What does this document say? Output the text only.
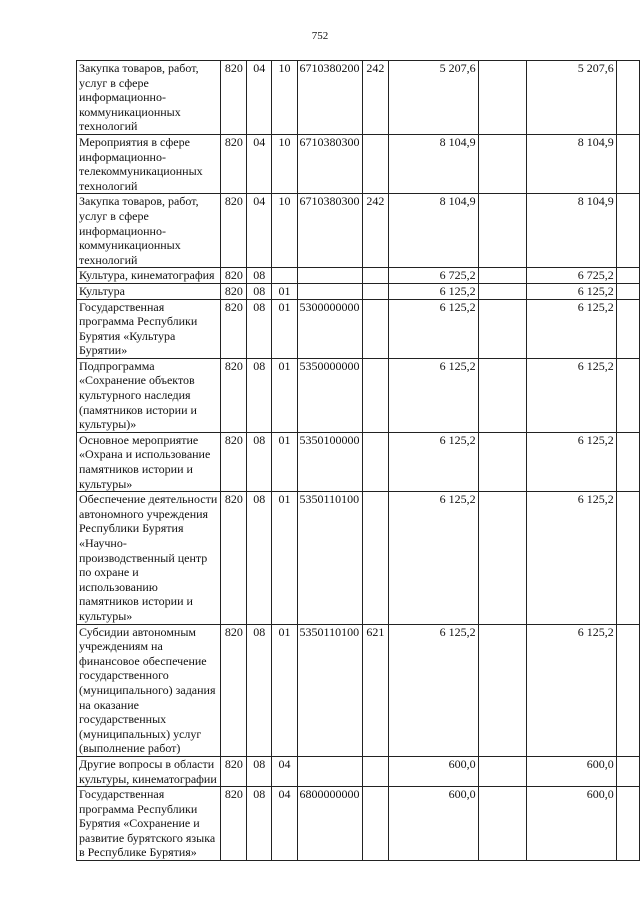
752
Закупка товаров, работ, услуг в сфере информационно-коммуникационных технологий	820	04	10	6710380200	242	5 207,6		5 207,6	
Мероприятия в сфере информационно-телекоммуникационных технологий	820	04	10	6710380300		8 104,9		8 104,9	
Закупка товаров, работ, услуг в сфере информационно-коммуникационных технологий	820	04	10	6710380300	242	8 104,9		8 104,9	
Культура, кинематография	820	08				6 725,2		6 725,2	
Культура	820	08	01			6 125,2		6 125,2	
Государственная программа Республики Бурятия «Культура Бурятии»	820	08	01	5300000000		6 125,2		6 125,2	
Подпрограмма «Сохранение объектов культурного наследия (памятников истории и культуры)»	820	08	01	5350000000		6 125,2		6 125,2	
Основное мероприятие «Охрана и использование памятников истории и культуры»	820	08	01	5350100000		6 125,2		6 125,2	
Обеспечение деятельности автономного учреждения Республики Бурятия «Научно-производственный центр по охране и использованию памятников истории и культуры»	820	08	01	5350110100		6 125,2		6 125,2	
Субсидии автономным учреждениям на финансовое обеспечение государственного (муниципального) задания на оказание государственных (муниципальных) услуг (выполнение работ)	820	08	01	5350110100	621	6 125,2		6 125,2	
Другие вопросы в области культуры, кинематографии	820	08	04			600,0		600,0	
Государственная программа Республики Бурятия «Сохранение и развитие бурятского языка в Республике Бурятия»	820	08	04	6800000000		600,0		600,0	
